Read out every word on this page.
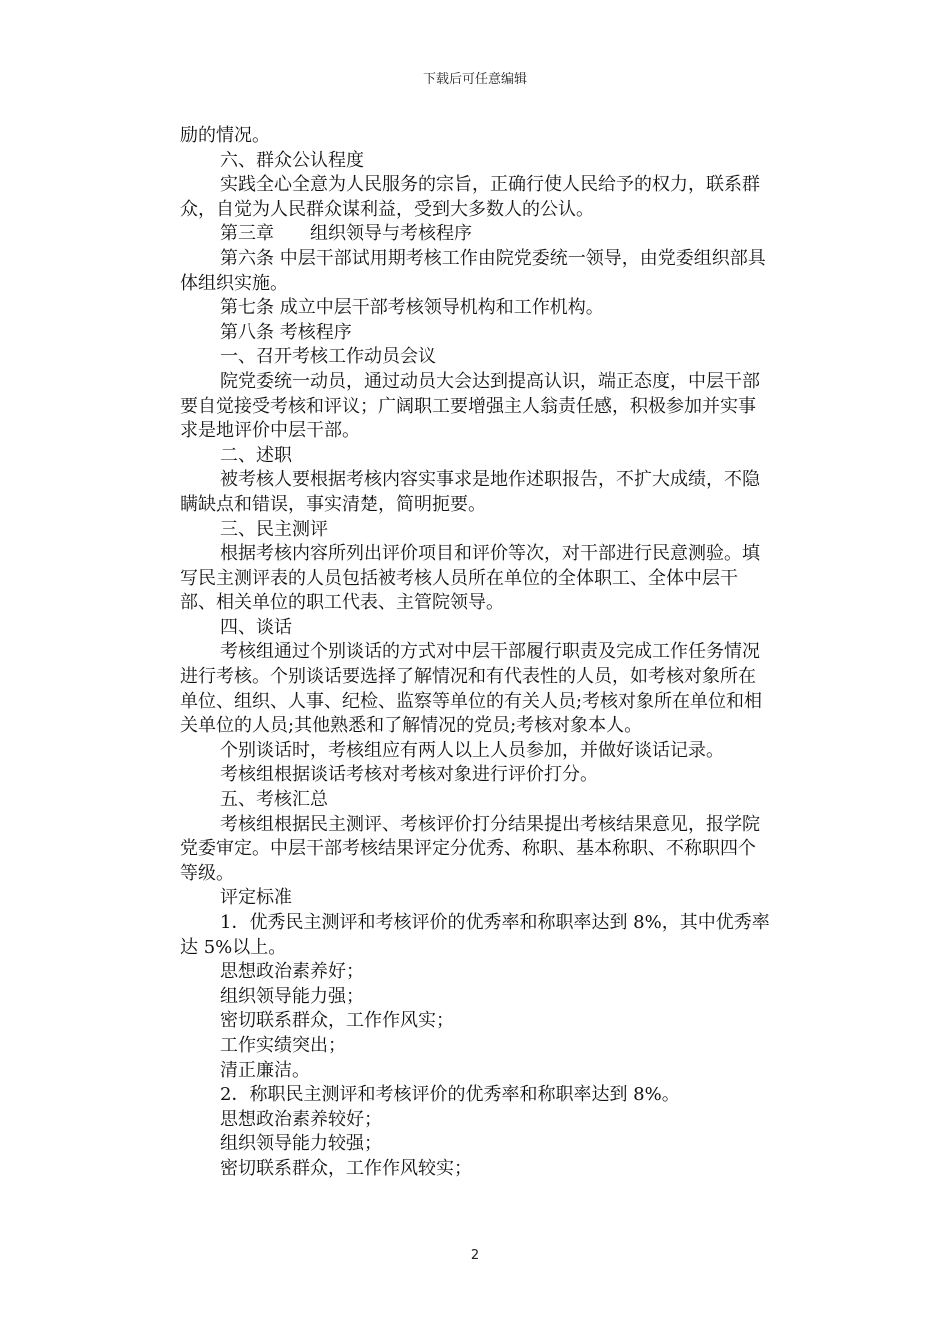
下载后可任意编辑

励的情况。

六、群众公认程度

实践全心全意为人民服务的宗旨，正确行使人民给予的权力，联系群众，自觉为人民群众谋利益，受到大多数人的公认。

第三章　　组织领导与考核程序

第六条 中层干部试用期考核工作由院党委统一领导，由党委组织部具体组织实施。

第七条 成立中层干部考核领导机构和工作机构。

第八条 考核程序

一、召开考核工作动员会议

院党委统一动员，通过动员大会达到提高认识，端正态度，中层干部要自觉接受考核和评议；广阔职工要增强主人翁责任感，积极参加并实事求是地评价中层干部。

二、述职

被考核人要根据考核内容实事求是地作述职报告，不扩大成绩，不隐瞒缺点和错误，事实清楚，简明扼要。

三、民主测评

根据考核内容所列出评价项目和评价等次，对干部进行民意测验。填写民主测评表的人员包括被考核人员所在单位的全体职工、全体中层干部、相关单位的职工代表、主管院领导。

四、谈话

考核组通过个别谈话的方式对中层干部履行职责及完成工作任务情况进行考核。个别谈话要选择了解情况和有代表性的人员，如考核对象所在单位、组织、人事、纪检、监察等单位的有关人员;考核对象所在单位和相关单位的人员;其他熟悉和了解情况的党员;考核对象本人。

个别谈话时，考核组应有两人以上人员参加，并做好谈话记录。

考核组根据谈话考核对考核对象进行评价打分。

五、考核汇总

考核组根据民主测评、考核评价打分结果提出考核结果意见，报学院党委审定。中层干部考核结果评定分优秀、称职、基本称职、不称职四个等级。

评定标准

1．优秀民主测评和考核评价的优秀率和称职率达到 8%，其中优秀率达 5%以上。

思想政治素养好；

组织领导能力强；

密切联系群众，工作作风实；

工作实绩突出；

清正廉洁。

2．称职民主测评和考核评价的优秀率和称职率达到 8%。

思想政治素养较好；

组织领导能力较强；

密切联系群众，工作作风较实；

2
